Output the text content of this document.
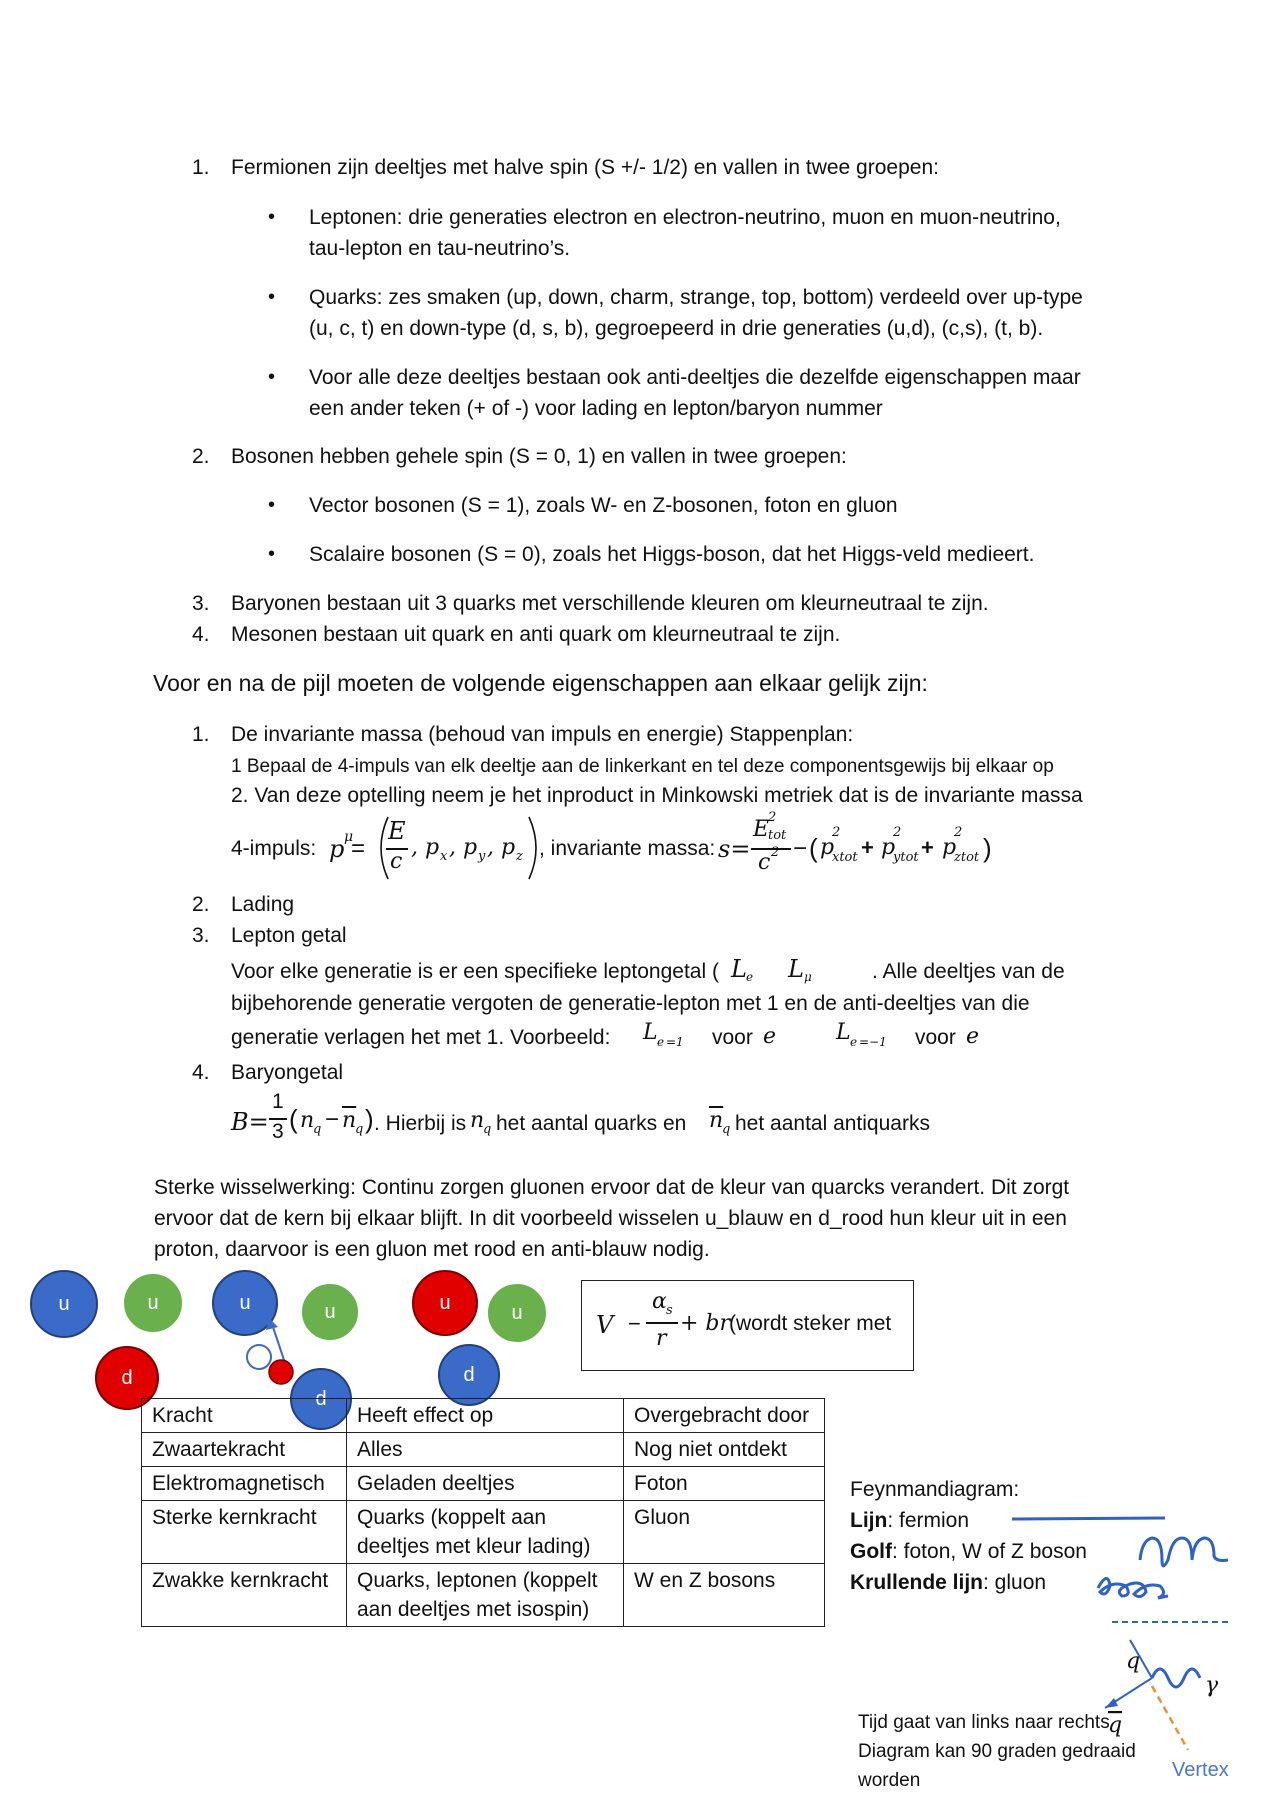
1. Fermionen zijn deeltjes met halve spin (S +/- 1/2) en vallen in twee groepen:
• Leptonen: drie generaties electron en electron-neutrino, muon en muon-neutrino,
tau-lepton en tau-neutrino’s.
• Quarks: zes smaken (up, down, charm, strange, top, bottom) verdeeld over up-type
(u, c, t) en down-type (d, s, b), gegroepeerd in drie generaties (u,d), (c,s), (t, b).
• Voor alle deze deeltjes bestaan ook anti-deeltjes die dezelfde eigenschappen maar
een ander teken (+ of -) voor lading en lepton/baryon nummer
2. Bosonen hebben gehele spin (S = 0, 1) en vallen in twee groepen:
• Vector bosonen (S = 1), zoals W- en Z-bosonen, foton en gluon
• Scalaire bosonen (S = 0), zoals het Higgs-boson, dat het Higgs-veld medieert.
3. Baryonen bestaan uit 3 quarks met verschillende kleuren om kleurneutraal te zijn.
4. Mesonen bestaan uit quark en anti quark om kleurneutraal te zijn.
Voor en na de pijl moeten de volgende eigenschappen aan elkaar gelijk zijn:
1. De invariante massa (behoud van impuls en energie) Stappenplan:
1 Bepaal de 4-impuls van elk deeltje aan de linkerkant en tel deze componentsgewijs bij elkaar op
2. Van deze optelling neem je het inproduct in Minkowski metriek dat is de invariante massa
4-impuls: p μ
=
E
c
, p x , p y , p z , invariante massa: s=
E
2
tot
c 2 − ( p
2
xtot + p
2
ytot + p
2
ztot )
2. Lading
3. Lepton getal
Voor elke generatie is er een specifieke leptongetal ( L e L μ	. Alle deeltjes van de
bijbehorende generatie vergoten de generatie-lepton met 1 en de anti-deeltjes van die
generatie verlagen het met 1. Voorbeeld: L e =1 voor e	L e =−1 voor e
4. Baryongetal
B=
1
3 ( n
$q - \overline{n}$
q ) . Hierbij is n
q het aantal quarks en $\overline{n}$
q het aantal antiquarks
Sterke wisselwerking: Continu zorgen gluonen ervoor dat de kleur van quarcks verandert. Dit zorgt ervoor dat de kern bij elkaar blijft. In dit voorbeeld wisselen u_blauw en d_rood hun kleur uit in een proton, daarvoor is een gluon met rood en anti-blauw nodig.
u	u
d
u	u
d
u	u
d
V −
α s
r
+ br
(wordt steker met
Kracht	Heeft effect op	Overgebracht door
Zwaartekracht	Alles	Nog niet ontdekt
Elektromagnetisch	Geladen deeltjes	Foton
Sterke kernkracht	Quarks (koppelt aan deeltjes met kleur lading)	Gluon
Zwakke kernkracht	Quarks, leptonen (koppelt aan deeltjes met isospin)	W en Z bosons
Feynmandiagram:
Lijn: fermion
Golf: foton, W of Z boson
Krullende lijn: gluon
q
γ
q
Vertex
Tijd gaat van links naar rechts
Diagram kan 90 graden gedraaid
worden
